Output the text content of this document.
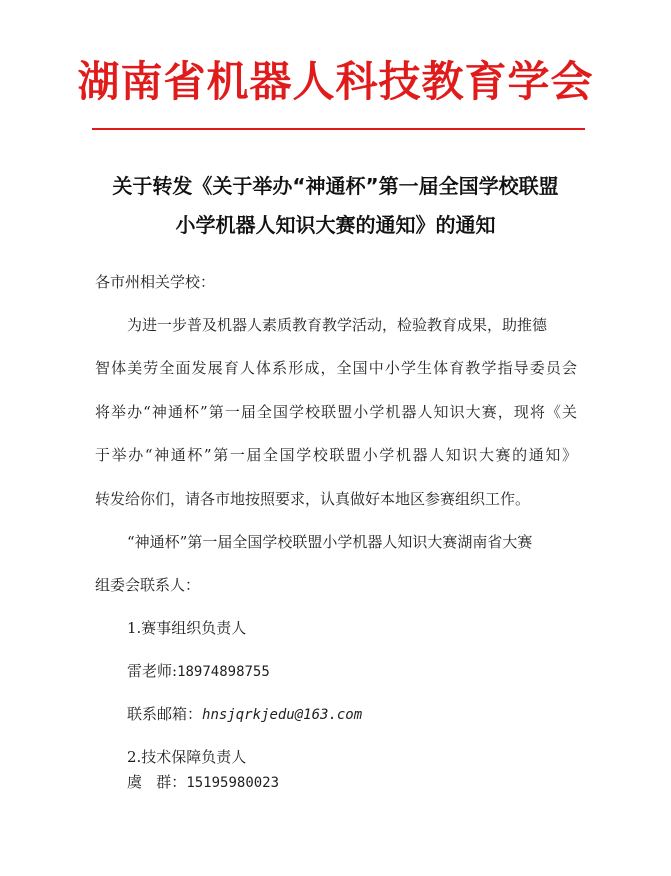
湖南省机器人科技教育学会
关于转发《关于举办“神通杯”第一届全国学校联盟
小学机器人知识大赛的通知》的通知
各市州相关学校：
为进一步普及机器人素质教育教学活动，检验教育成果，助推德
智体美劳全面发展育人体系形成，全国中小学生体育教学指导委员会
将举办“神通杯”第一届全国学校联盟小学机器人知识大赛，现将《关
于举办“神通杯”第一届全国学校联盟小学机器人知识大赛的通知》
转发给你们，请各市地按照要求，认真做好本地区参赛组织工作。
“神通杯”第一届全国学校联盟小学机器人知识大赛湖南省大赛
组委会联系人：
1.赛事组织负责人
雷老师:18974898755
联系邮箱：hnsjqrkjedu@163.com
2.技术保障负责人
虞   群：15195980023
